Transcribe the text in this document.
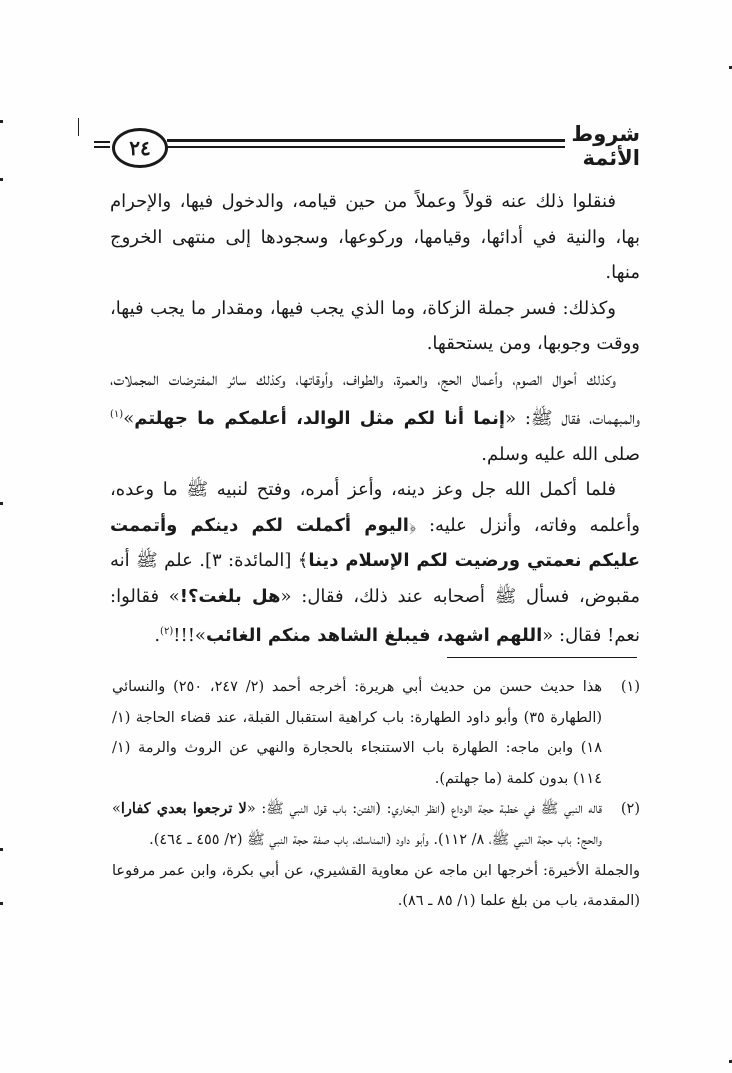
٢٤
شروط الأئمة

فنقلوا ذلك عنه قولاً وعملاً من حين قيامه، والدخول فيها، والإحرام بها، والنية في أدائها، وقيامها، وركوعها، وسجودها إلى منتهى الخروج منها.

وكذلك: فسر جملة الزكاة، وما الذي يجب فيها، ومقدار ما يجب فيها، ووقت وجوبها، ومن يستحقها.

وكذلك أحوال الصوم، وأعمال الحج، والعمرة، والطواف، وأوقاتها، وكذلك سائر المفترضات المجملات، والمبهمات، فقال ﷺ: «إنما أنا لكم مثل الوالد، أعلمكم ما جهلتم»$^{(١)}$ صلى الله عليه وسلم.

فلما أكمل الله جل وعز دينه، وأعز أمره، وفتح لنبيه ﷺ ما وعده، وأعلمه وفاته، وأنزل عليه: ﴿اليوم أكملت لكم دينكم وأتممت عليكم نعمتي ورضيت لكم الإسلام دينا﴾ [المائدة: ٣]. علم ﷺ أنه مقبوض، فسأل ﷺ أصحابه عند ذلك، فقال: «هل بلغت؟!» فقالوا: نعم! فقال: «اللهم اشهد، فيبلغ الشاهد منكم الغائب»!!!$^{(٢)}$.

(١)
هذا حديث حسن من حديث أبي هريرة: أخرجه أحمد (٢/ ٢٤٧، ٢٥٠) والنسائي (الطهارة ٣٥) وأبو داود الطهارة: باب كراهية استقبال القبلة، عند قضاء الحاجة (١/ ١٨) وابن ماجه: الطهارة باب الاستنجاء بالحجارة والنهي عن الروث والرمة (١/ ١١٤) بدون كلمة (ما جهلتم).
(٢)
قاله النبي ﷺ في خطبة حجة الوداع (انظر البخاري: (الفتن: باب قول النبي ﷺ: «لا ترجعوا بعدي كفارا» والحج: باب حجة النبي ﷺ، ٨/ ١١٢). وأبو داود (المناسك، باب صفة حجة النبي ﷺ (٢/ ٤٥٥ ـ ٤٦٤).

والجملة الأخيرة: أخرجها ابن ماجه عن معاوية القشيري، عن أبي بكرة، وابن عمر مرفوعا (المقدمة، باب من بلغ علما (١/ ٨٥ ـ ٨٦).
